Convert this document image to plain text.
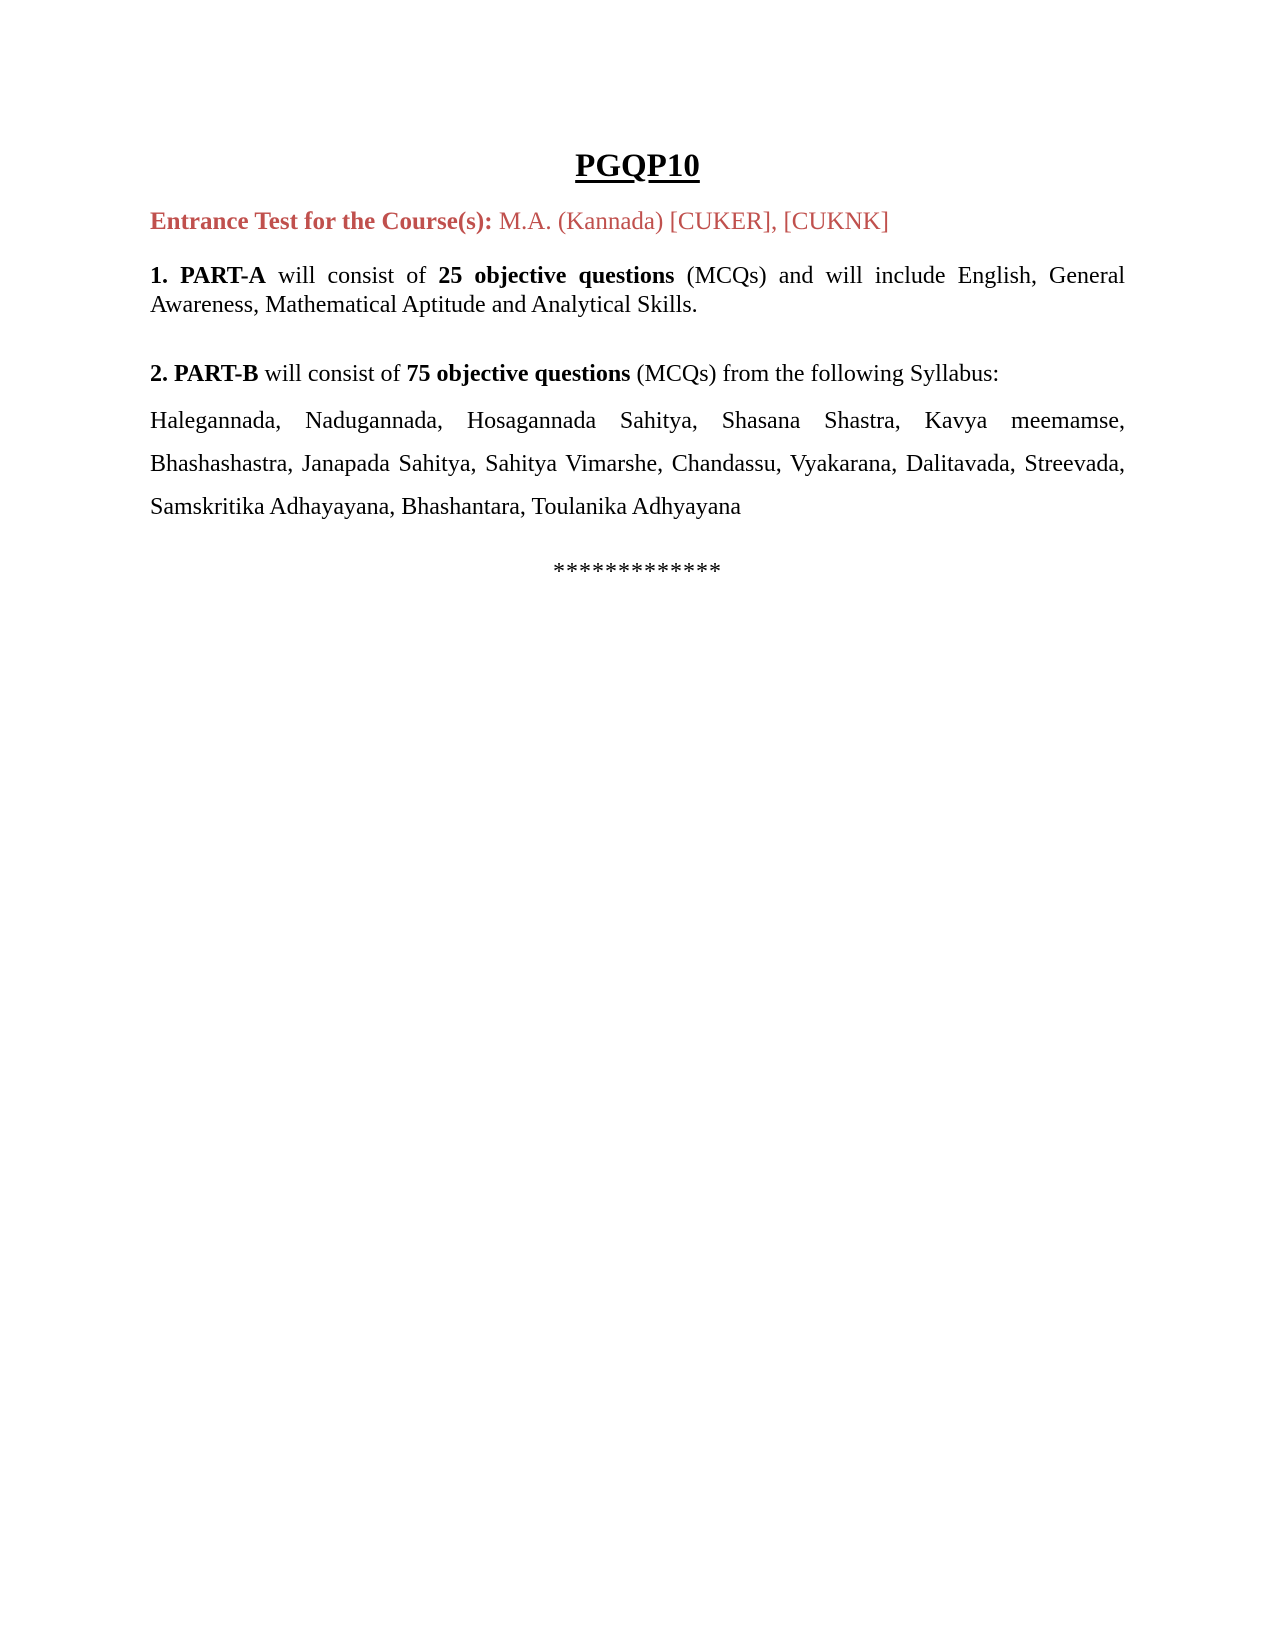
PGQP10
Entrance Test for the Course(s): M.A. (Kannada) [CUKER], [CUKNK]
1. PART-A will consist of 25 objective questions (MCQs) and will include English, General Awareness, Mathematical Aptitude and Analytical Skills.
2. PART-B will consist of 75 objective questions (MCQs) from the following Syllabus:
Halegannada, Nadugannada, Hosagannada Sahitya, Shasana Shastra, Kavya meemamse, Bhashashastra, Janapada Sahitya, Sahitya Vimarshe, Chandassu, Vyakarana, Dalitavada, Streevada, Samskritika Adhayayana, Bhashantara, Toulanika Adhyayana
*************
